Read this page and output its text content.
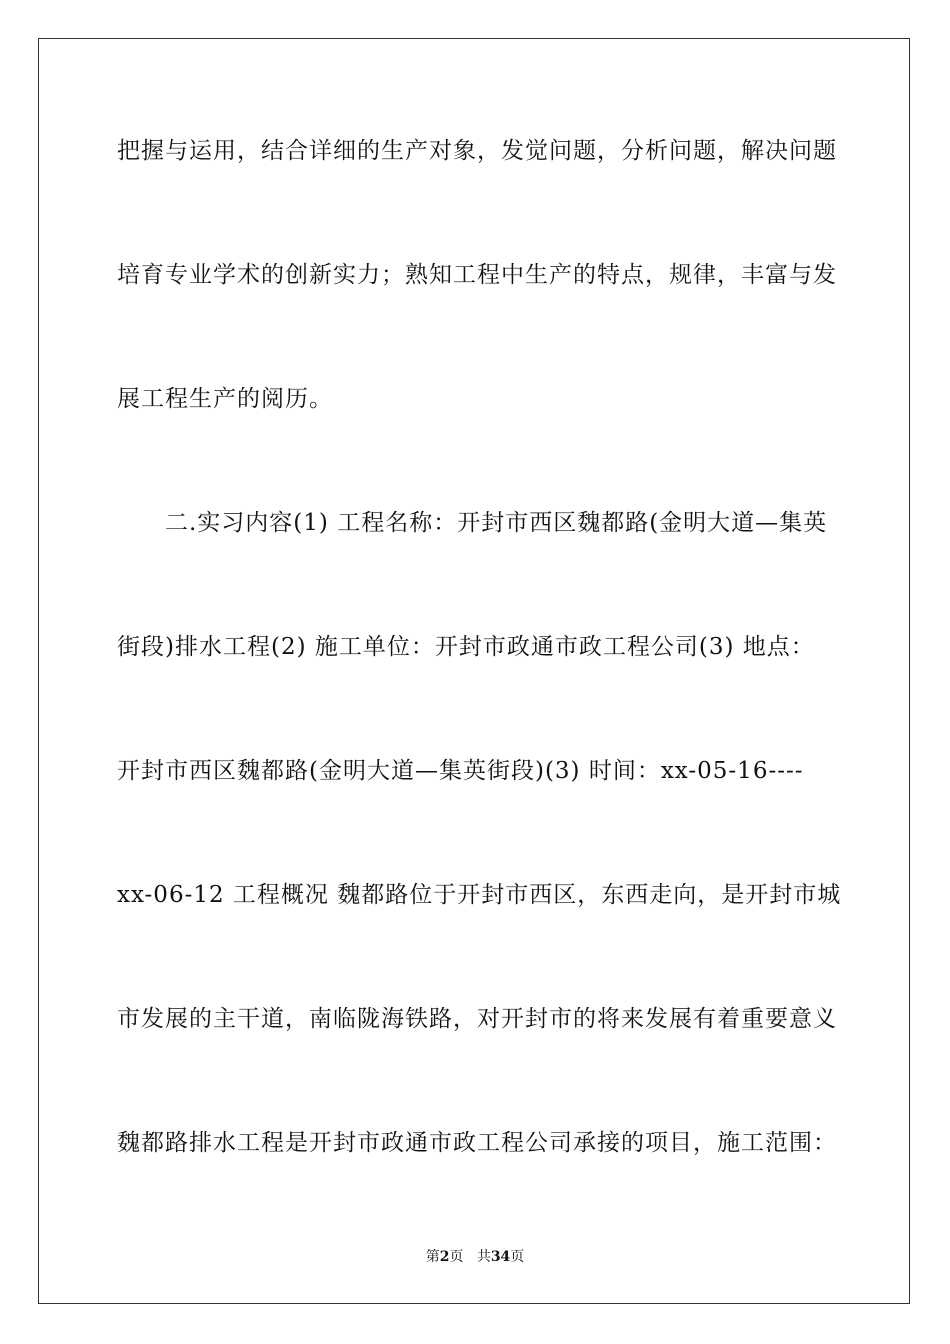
把握与运用，结合详细的生产对象，发觉问题，分析问题，解决问题
培育专业学术的创新实力；熟知工程中生产的特点，规律，丰富与发
展工程生产的阅历。
二.实习内容(1) 工程名称：开封市西区魏都路(金明大道—集英
街段)排水工程(2) 施工单位：开封市政通市政工程公司(3) 地点：
开封市西区魏都路(金明大道—集英街段)(3) 时间：xx-05-16----
xx-06-12 工程概况 魏都路位于开封市西区，东西走向，是开封市城
市发展的主干道，南临陇海铁路，对开封市的将来发展有着重要意义
魏都路排水工程是开封市政通市政工程公司承接的项目，施工范围：
第2页 共34页
